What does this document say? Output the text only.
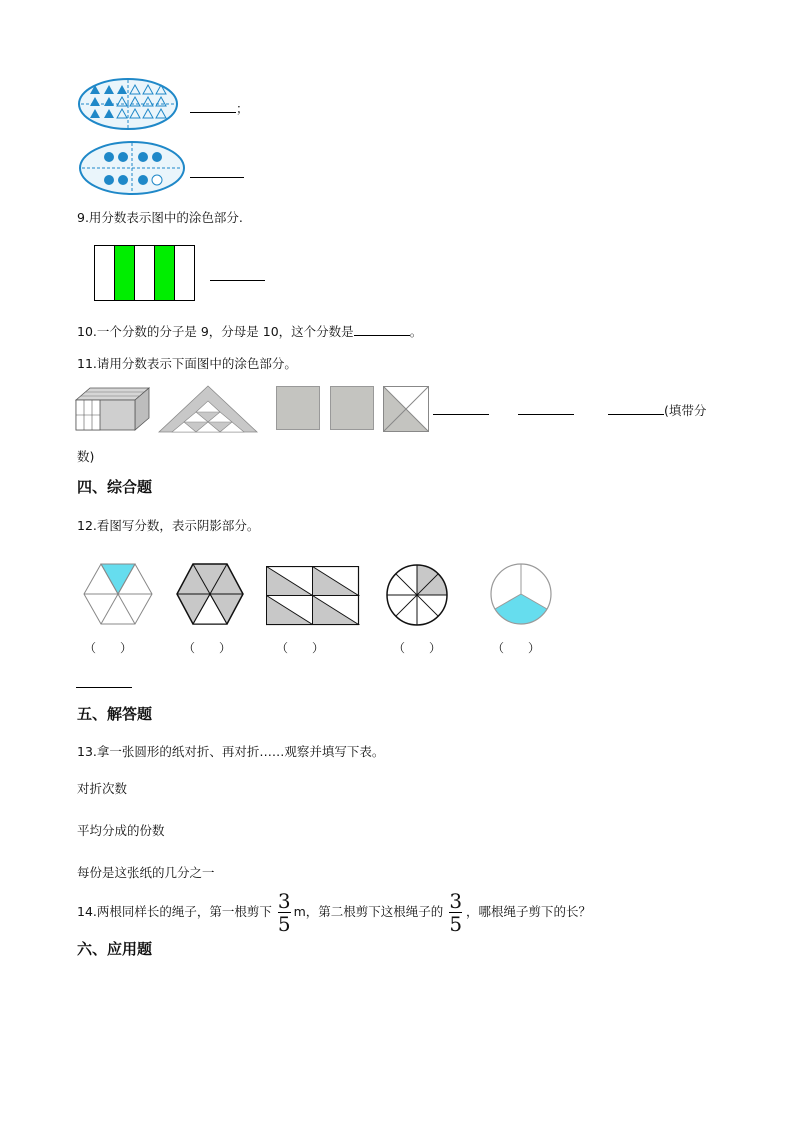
；
9.用分数表示图中的涂色部分.
10.一个分数的分子是 9，分母是 10，这个分数是	。
11.请用分数表示下面图中的涂色部分。
(填带分
数)
四、综合题
12.看图写分数，表示阴影部分。
（　　）	（　　）	（　　）	（　　）	（　　）
五、解答题
13.拿一张圆形的纸对折、再对折……观察并填写下表。
对折次数
平均分成的份数
每份是这张纸的几分之一
14.两根同样长的绳子，第一根剪下 $\frac{3}{5}$ m，第二根剪下这根绳子的 $\frac{3}{5}$ ，哪根绳子剪下的长？
六、应用题
